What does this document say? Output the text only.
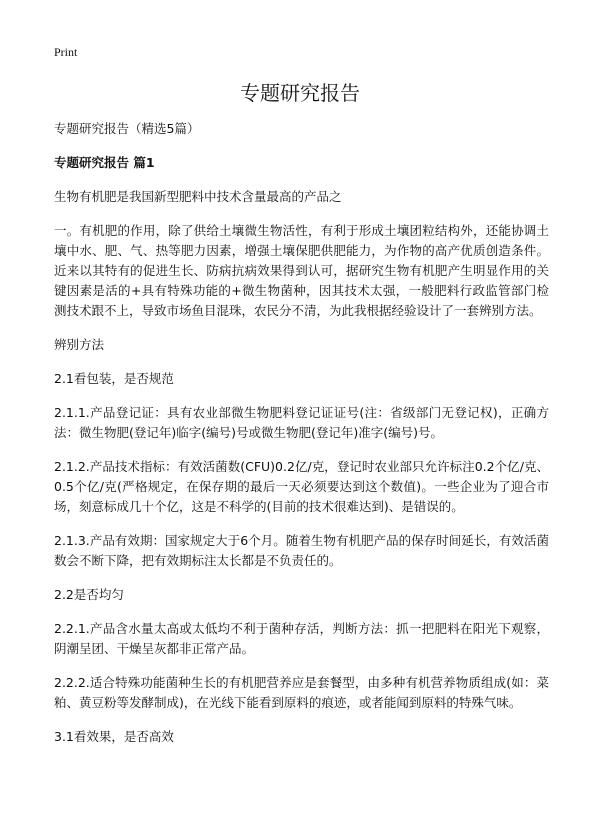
Print
专题研究报告

专题研究报告（精选5篇）

专题研究报告 篇1

生物有机肥是我国新型肥料中技术含量最高的产品之

一。有机肥的作用，除了供给土壤微生物活性，有利于形成土壤团粒结构外，还能协调土壤中水、肥、气、热等肥力因素，增强土壤保肥供肥能力，为作物的高产优质创造条件。近来以其特有的促进生长、防病抗病效果得到认可，据研究生物有机肥产生明显作用的关键因素是活的+具有特殊功能的+微生物菌种，因其技术太强，一般肥料行政监管部门检测技术跟不上，导致市场鱼目混珠，农民分不清，为此我根据经验设计了一套辨别方法。

辨别方法

2.1看包装，是否规范

2.1.1.产品登记证：具有农业部微生物肥料登记证证号(注：省级部门无登记权)，正确方法：微生物肥(登记年)临字(编号)号或微生物肥(登记年)准字(编号)号。

2.1.2.产品技术指标：有效活菌数(CFU)0.2亿/克，登记时农业部只允许标注0.2个亿/克、0.5个亿/克(严格规定，在保存期的最后一天必须要达到这个数值)。一些企业为了迎合市场，刻意标成几十个亿，这是不科学的(目前的技术很难达到)、是错误的。

2.1.3.产品有效期：国家规定大于6个月。随着生物有机肥产品的保存时间延长，有效活菌数会不断下降，把有效期标注太长都是不负责任的。

2.2是否均匀

2.2.1.产品含水量太高或太低均不利于菌种存活，判断方法：抓一把肥料在阳光下观察，阴潮呈团、干燥呈灰都非正常产品。

2.2.2.适合特殊功能菌种生长的有机肥营养应是套餐型，由多种有机营养物质组成(如：菜粕、黄豆粉等发酵制成)，在光线下能看到原料的痕迹，或者能闻到原料的特殊气味。

3.1看效果，是否高效
